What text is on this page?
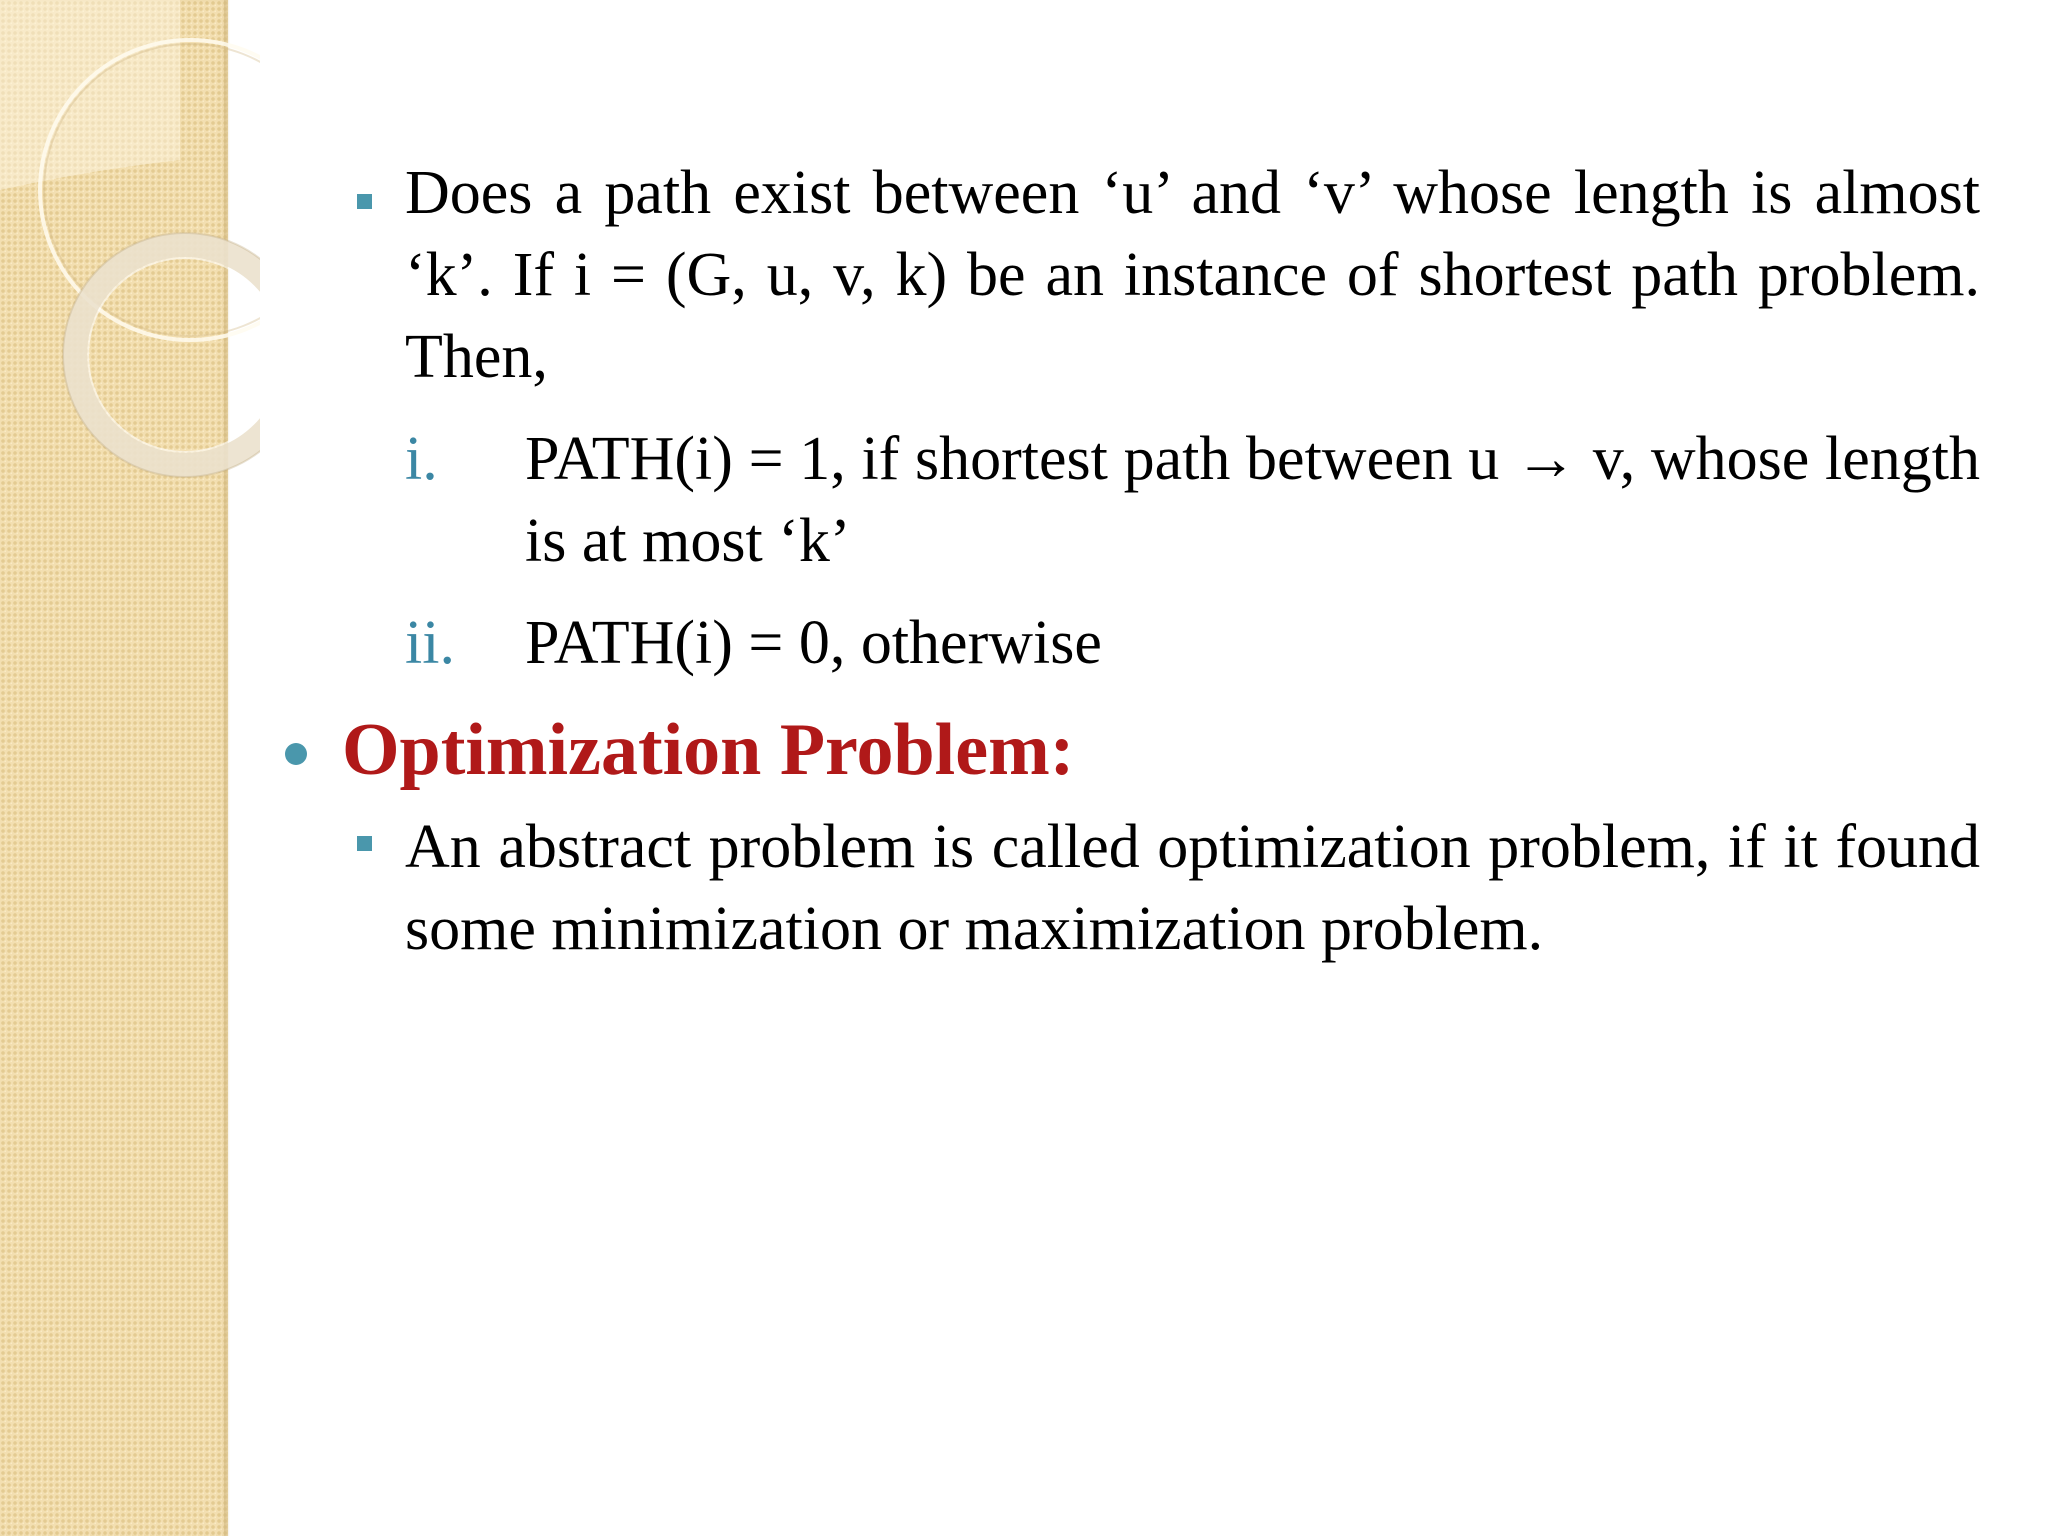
Does a path exist between ‘u’ and ‘v’ whose length is almost ‘k’. If i = (G, u, v, k) be an instance of shortest path problem. Then,
i. PATH(i) = 1, if shortest path between u → v, whose length is at most ‘k’
ii. PATH(i) = 0, otherwise
Optimization Problem:
An abstract problem is called optimization problem, if it found some minimization or maximization problem.
